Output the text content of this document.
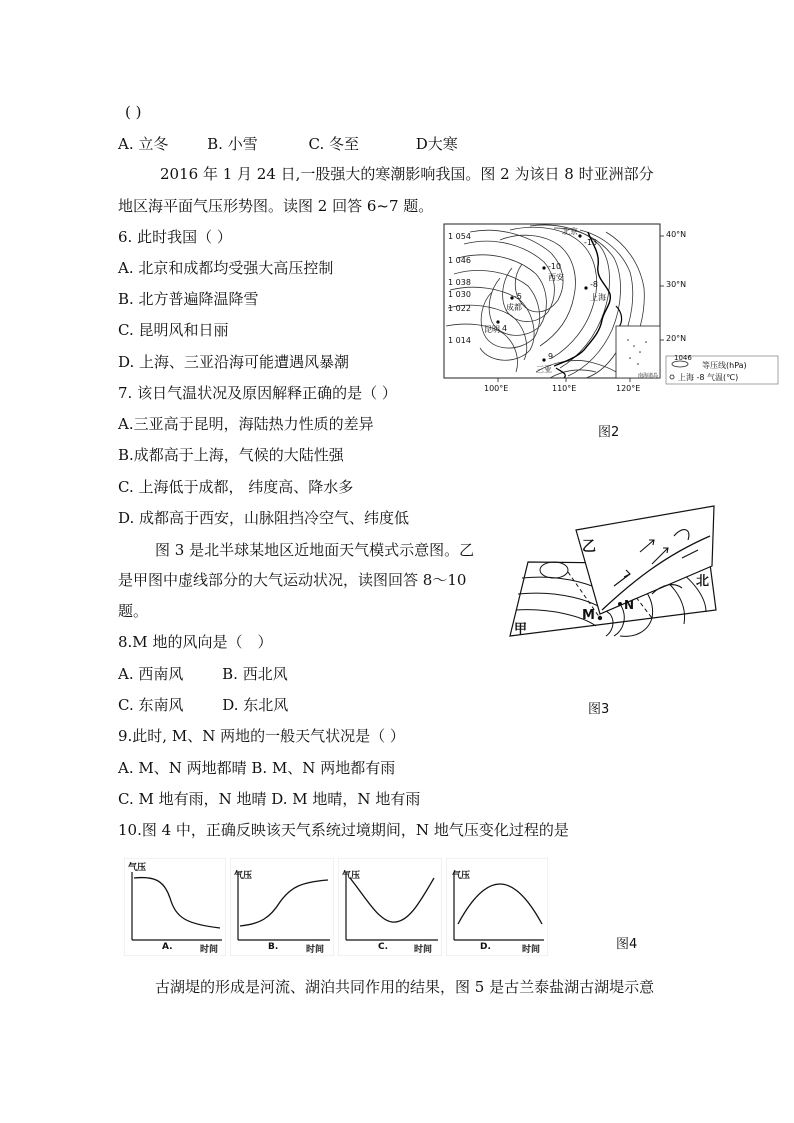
( )
A. 立冬	B. 小雪	C. 冬至	D大寒
2016 年 1 月 24 日,一股强大的寒潮影响我国。图 2 为该日 8 时亚洲部分
地区海平面气压形势图。读图 2 回答 6~7 题。
6. 此时我国（ ）
A. 北京和成都均受强大高压控制
B. 北方普遍降温降雪
C. 昆明风和日丽
D. 上海、三亚沿海可能遭遇风暴潮
7. 该日气温状况及原因解释正确的是（ ）
A.三亚高于昆明，海陆热力性质的差异
B.成都高于上海，气候的大陆性强
C. 上海低于成都， 纬度高、降水多
D. 成都高于西安，山脉阻挡冷空气、纬度低
图 3 是北半球某地区近地面天气模式示意图。乙
是甲图中虚线部分的大气运动状况，读图回答 8～10
题。
8.M 地的风向是（　）
A. 西南风	B. 西北风
C. 东南风	D. 东北风
9.此时, M、N 两地的一般天气状况是（ ）
A. M、N 两地都晴 B. M、N 两地都有雨
C. M 地有雨，N 地晴 D. M 地晴，N 地有雨
10.图 4 中，正确反映该天气系统过境期间，N 地气压变化过程的是
古湖堤的形成是河流、湖泊共同作用的结果，图 5 是古兰泰盐湖古湖堤示意
1 054
1 046
1 038
1 030
1 022
1 014
北京
-13
-10
西安
-5
成都
-8
上海
昆明 4
9
三亚
40°N
30°N
20°N
100°E	110°E	120°E
南海诸岛
1046
等压线(hPa)
上海 -8 气温(℃)
图2
乙
甲
北
M
N
图3
气压
A.	时间
气压
B.	时间
气压
C.	时间
气压
D.	时间	图4
